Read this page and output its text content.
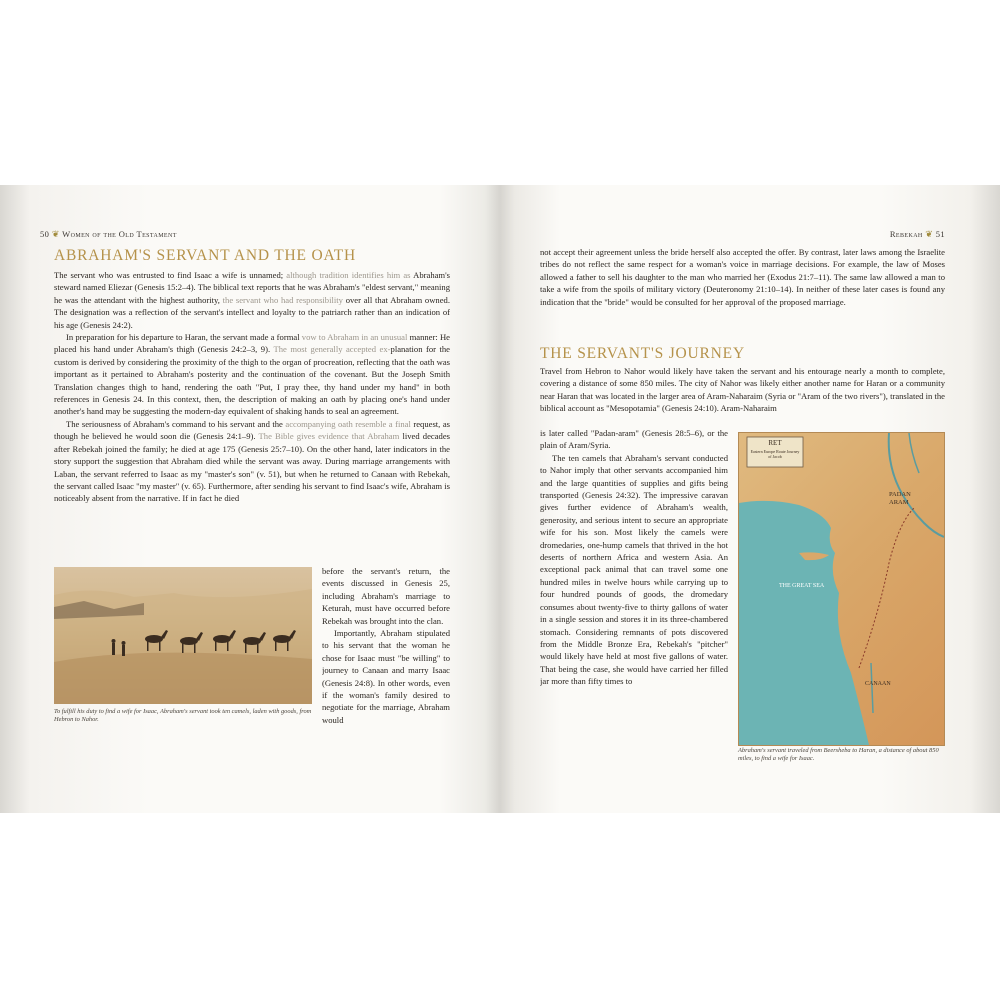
50 ❦ Women of the Old Testament
ABRAHAM'S SERVANT AND THE OATH

The servant who was entrusted to find Isaac a wife is unnamed; although tradition identifies him as Abraham's steward named Eliezar (Genesis 15:2–4). The biblical text reports that he was Abraham's "eldest servant," meaning he was the attendant with the highest authority, the servant who had responsibility over all that Abraham owned. The designation was a reflection of the servant's intellect and loyalty to the patriarch rather than an indication of his age (Genesis 24:2).

In preparation for his departure to Haran, the servant made a formal vow to Abraham in an unusual manner: He placed his hand under Abraham's thigh (Genesis 24:2–3, 9). The most generally accepted ex-planation for the custom is derived by considering the proximity of the thigh to the organ of procreation, reflecting that the oath was important as it pertained to Abraham's posterity and the continuation of the covenant. But the Joseph Smith Translation changes thigh to hand, rendering the oath "Put, I pray thee, thy hand under my hand" in both references in Genesis 24. In this context, then, the description of making an oath by placing one's hand under another's hand may be suggesting the modern-day equivalent of shaking hands to seal an agreement.

The seriousness of Abraham's command to his servant and the accompanying oath resemble a final request, as though he believed he would soon die (Genesis 24:1–9). The Bible gives evidence that Abraham lived decades after Rebekah joined the family; he died at age 175 (Genesis 25:7–10). On the other hand, later indicators in the story support the suggestion that Abraham died while the servant was away. During marriage arrangements with Laban, the servant referred to Isaac as my "master's son" (v. 51), but when he returned to Canaan with Rebekah, the servant called Isaac "my master" (v. 65). Furthermore, after sending his servant to find Isaac's wife, Abraham is noticeably absent from the narrative. If in fact he died

To fulfill his duty to find a wife for Isaac, Abraham's servant took ten camels, laden with goods, from Hebron to Nahor.

before the servant's return, the events discussed in Genesis 25, including Abraham's marriage to Keturah, must have occurred before Rebekah was brought into the clan.

Importantly, Abraham stipulated to his servant that the woman he chose for Isaac must "be willing" to journey to Canaan and marry Isaac (Genesis 24:8). In other words, even if the woman's family desired to negotiate for the marriage, Abraham would

Rebekah ❦ 51

not accept their agreement unless the bride herself also accepted the offer. By contrast, later laws among the Israelite tribes do not reflect the same respect for a woman's voice in marriage decisions. For example, the law of Moses allowed a father to sell his daughter to the man who married her (Exodus 21:7–11). The same law allowed a man to take a wife from the spoils of military victory (Deuteronomy 21:10–14). In neither of these later cases is found any indication that the "bride" would be consulted for her approval of the proposed marriage.

THE SERVANT'S JOURNEY

Travel from Hebron to Nahor would likely have taken the servant and his entourage nearly a month to complete, covering a distance of some 850 miles. The city of Nahor was likely either another name for Haran or a community near Haran that was located in the larger area of Aram-Naharaim (Syria or "Aram of the two rivers"), translated in the biblical account as "Mesopotamia" (Genesis 24:10). Aram-Naharaim

is later called "Padan-aram" (Genesis 28:5–6), or the plain of Aram/Syria.

The ten camels that Abraham's servant conducted to Nahor imply that other servants accompanied him and the large quantities of supplies and gifts being transported (Genesis 24:32). The impressive caravan gives further evidence of Abraham's wealth, generosity, and serious intent to secure an appropriate wife for his son. Most likely the camels were dromedaries, one-hump camels that thrived in the hot deserts of northern Africa and western Asia. An exceptional pack animal that can travel some one hundred miles in twelve hours while carrying up to four hundred pounds of goods, the dromedary consumes about twenty-five to thirty gallons of water in a single session and stores it in its three-chambered stomach. Considering remnants of pots discovered from the Middle Bronze Era, Rebekah's "pitcher" would likely have held at most five gallons of water. That being the case, she would have carried her filled jar more than fifty times to

RET
Eastern Europe Route Journey of Jacob
PADAN ARAM
THE GREAT SEA
CANAAN

Abraham's servant traveled from Beersheba to Haran, a distance of about 850 miles, to find a wife for Isaac.
